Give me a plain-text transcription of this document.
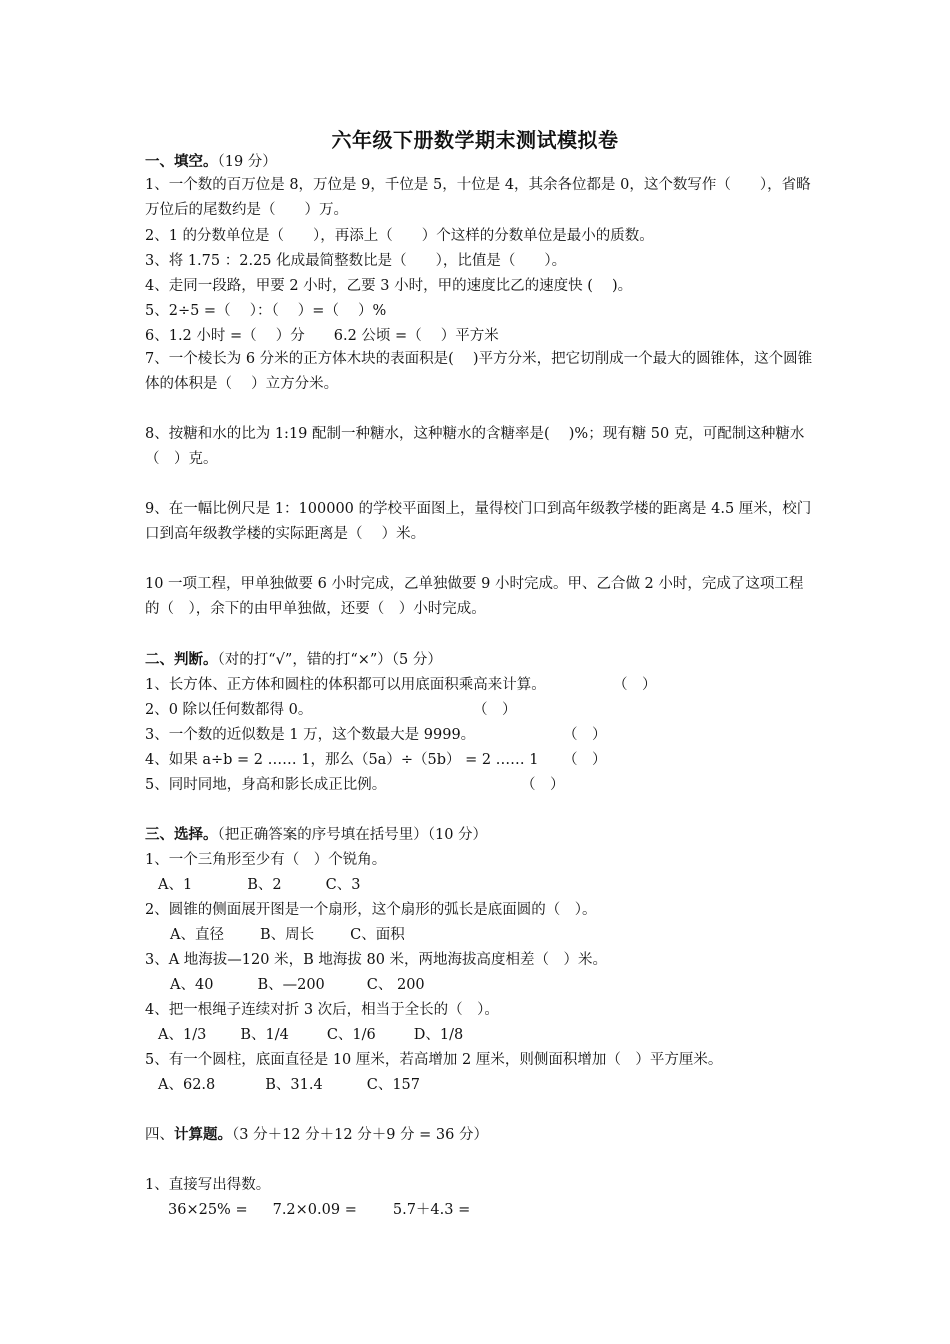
六年级下册数学期末测试模拟卷
一、填空。（19 分）
1、一个数的百万位是 8，万位是 9，千位是 5，十位是 4，其余各位都是 0，这个数写作（　　），省略万位后的尾数约是（　　）万。
2、1 的分数单位是（　　），再添上（　　）个这样的分数单位是最小的质数。
3、将 1.75 ：2.25 化成最简整数比是（　　），比值是（　　）。
4、走同一段路，甲要 2 小时，乙要 3 小时，甲的速度比乙的速度快 (　 )。
5、2÷5 =（　 ）：（　 ）=（　 ）%
6、1.2 小时 =（　 ）分　　6.2 公顷 =（　 ）平方米
7、一个棱长为 6 分米的正方体木块的表面积是(　 )平方分米，把它切削成一个最大的圆锥体，这个圆锥体的体积是（　 ）立方分米。
8、按糖和水的比为 1:19 配制一种糖水，这种糖水的含糖率是(　 )%；现有糖 50 克，可配制这种糖水（　）克。
9、在一幅比例尺是 1：100000 的学校平面图上，量得校门口到高年级教学楼的距离是 4.5 厘米，校门口到高年级教学楼的实际距离是（　 ）米。
10 一项工程，甲单独做要 6 小时完成，乙单独做要 9 小时完成。甲、乙合做 2 小时，完成了这项工程的（　），余下的由甲单独做，还要（　）小时完成。
二、判断。（对的打“√”，错的打“×”）（5 分）
1、长方体、正方体和圆柱的体积都可以用底面积乘高来计算。	（　）
2、0 除以任何数都得 0。	（　）
3、一个数的近似数是 1 万，这个数最大是 9999。	（　）
4、如果 a÷b = 2 …… 1，那么（5a）÷（5b） = 2 …… 1 （　）
5、同时同地，身高和影长成正比例。	（　）
三、选择。（把正确答案的序号填在括号里）（10 分）
1、一个三角形至少有（　）个锐角。
A、1	B、2	C、3
2、圆锥的侧面展开图是一个扇形，这个扇形的弧长是底面圆的（　）。
A、直径 B、周长 C、面积
3、A 地海拔—120 米，B 地海拔 80 米，两地海拔高度相差（　）米。
A、40	B、—200	C、 200
4、把一根绳子连续对折 3 次后，相当于全长的（　）。
A、1/3 B、1/4	C、1/6	D、1/8
5、有一个圆柱，底面直径是 10 厘米，若高增加 2 厘米，则侧面积增加（　）平方厘米。
A、62.8	B、31.4	C、157
四、计算题。（3 分＋12 分＋12 分＋9 分 = 36 分）
1、直接写出得数。
36×25% = 7.2×0.09 = 5.7＋4.3 =
